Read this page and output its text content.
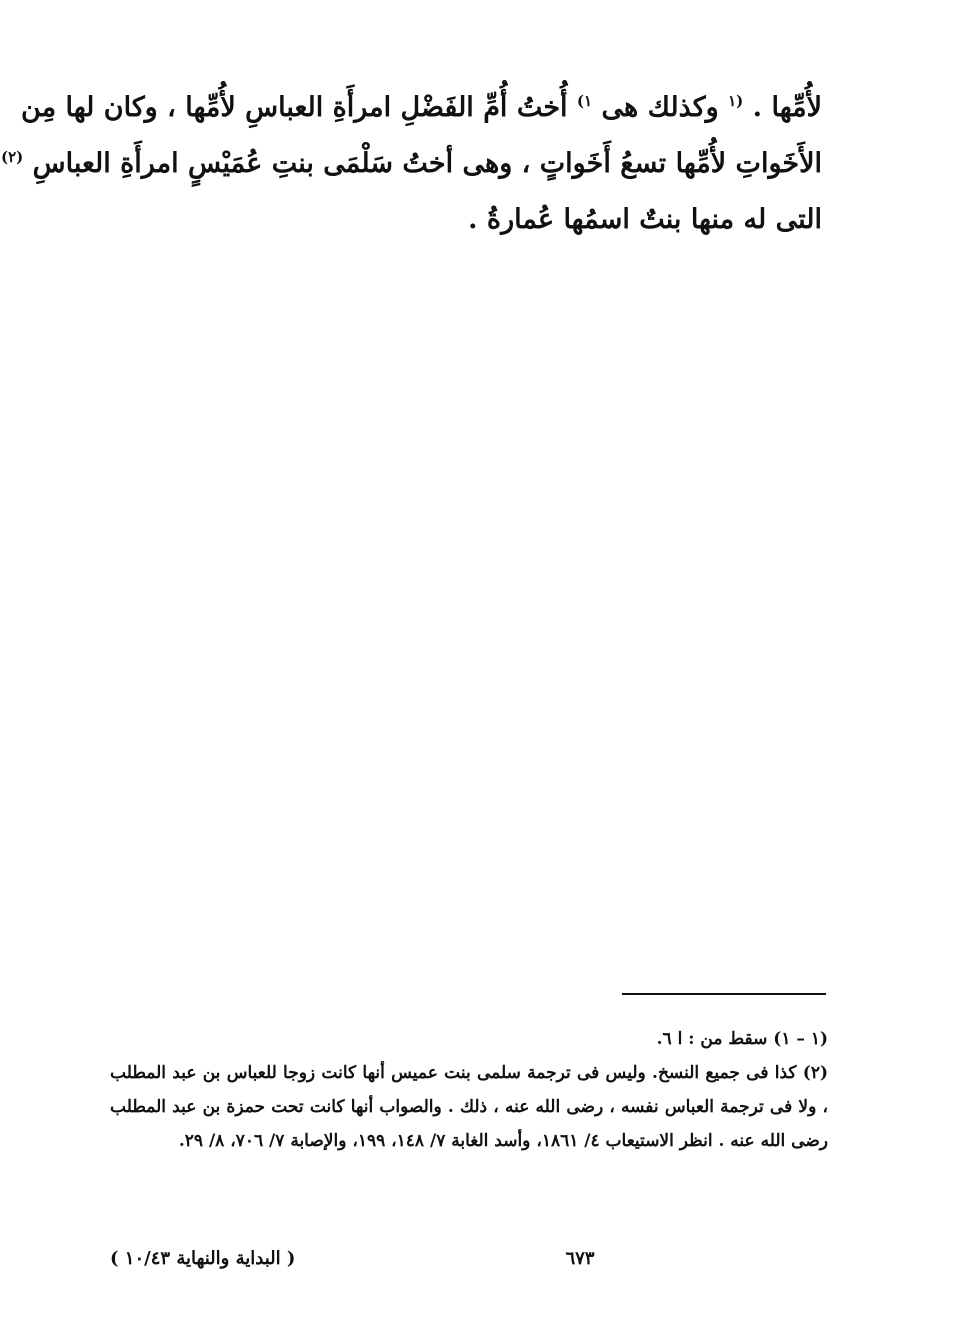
لأُمِّها . $^{(١}$ وكذلك هى $^{١)}$ أُختُ أُمِّ الفَضْلِ امرأَةِ العباسِ لأُمِّها ، وكان لها مِن
الأَخَواتِ لأُمِّها تسعُ أَخَواتٍ ، وهى أختُ سَلْمَى بنتِ عُمَيْسٍ امرأَةِ العباسِ $^{(٢)}$
التى له منها بنتٌ اسمُها عُمارةُ .
(١ – ١) سقط من : ا ٦.
(٢) كذا فى جميع النسخ. وليس فى ترجمة سلمى بنت عميس أنها كانت زوجا للعباس بن عبد المطلب ، ولا فى ترجمة العباس نفسه ، رضى الله عنه ، ذلك . والصواب أنها كانت تحت حمزة بن عبد المطلب رضى الله عنه . انظر الاستيعاب ٤/ ١٨٦١، وأسد الغابة ٧/ ١٤٨، ١٩٩، والإصابة ٧/ ٧٠٦، ٨/ ٢٩.
٦٧٣
( البداية والنهاية ١٠/٤٣ )
